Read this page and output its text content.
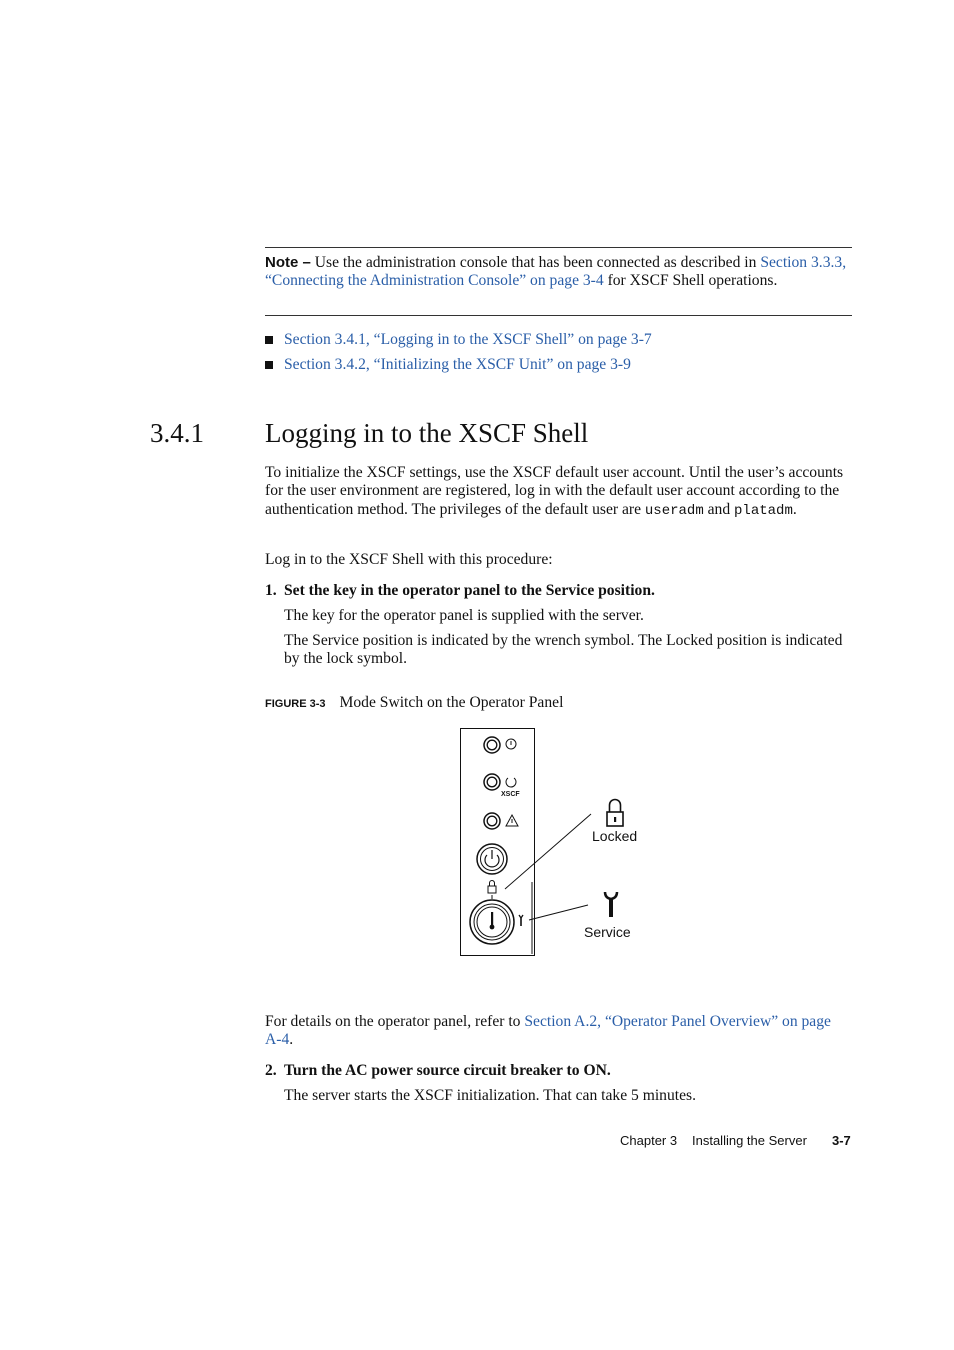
Note – Use the administration console that has been connected as described in Section 3.3.3, “Connecting the Administration Console” on page 3-4 for XSCF Shell operations.
Section 3.4.1, “Logging in to the XSCF Shell” on page 3-7
Section 3.4.2, “Initializing the XSCF Unit” on page 3-9
3.4.1 Logging in to the XSCF Shell
To initialize the XSCF settings, use the XSCF default user account. Until the user’s accounts for the user environment are registered, log in with the default user account according to the authentication method. The privileges of the default user are useradm and platadm.
Log in to the XSCF Shell with this procedure:
1. Set the key in the operator panel to the Service position.
The key for the operator panel is supplied with the server.
The Service position is indicated by the wrench symbol. The Locked position is indicated by the lock symbol.
FIGURE 3-3 Mode Switch on the Operator Panel
XSCF
Locked
Service
For details on the operator panel, refer to Section A.2, “Operator Panel Overview” on page A-4.
2. Turn the AC power source circuit breaker to ON.
The server starts the XSCF initialization. That can take 5 minutes.
Chapter 3 Installing the Server 3-7
